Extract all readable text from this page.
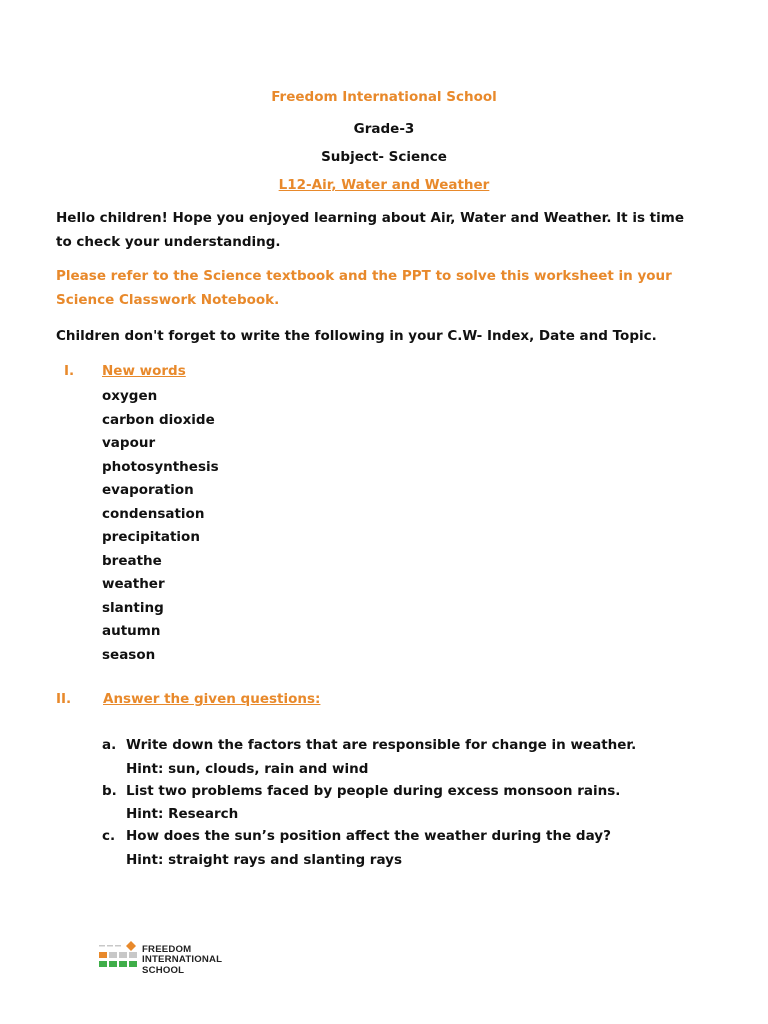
Freedom International School
Grade-3
Subject- Science
L12-Air, Water and Weather
Hello children! Hope you enjoyed learning about Air, Water and Weather. It is time to check your understanding.
Please refer to the Science textbook and the PPT to solve this worksheet in your Science Classwork Notebook.
Children don't forget to write the following in your C.W- Index, Date and Topic.
I. New words
oxygen
carbon dioxide
vapour
photosynthesis
evaporation
condensation
precipitation
breathe
weather
slanting
autumn
season
II. Answer the given questions:
a. Write down the factors that are responsible for change in weather.
Hint: sun, clouds, rain and wind
b. List two problems faced by people during excess monsoon rains.
Hint: Research
c. How does the sun’s position affect the weather during the day?
Hint: straight rays and slanting rays
FREEDOM
INTERNATIONAL
SCHOOL
